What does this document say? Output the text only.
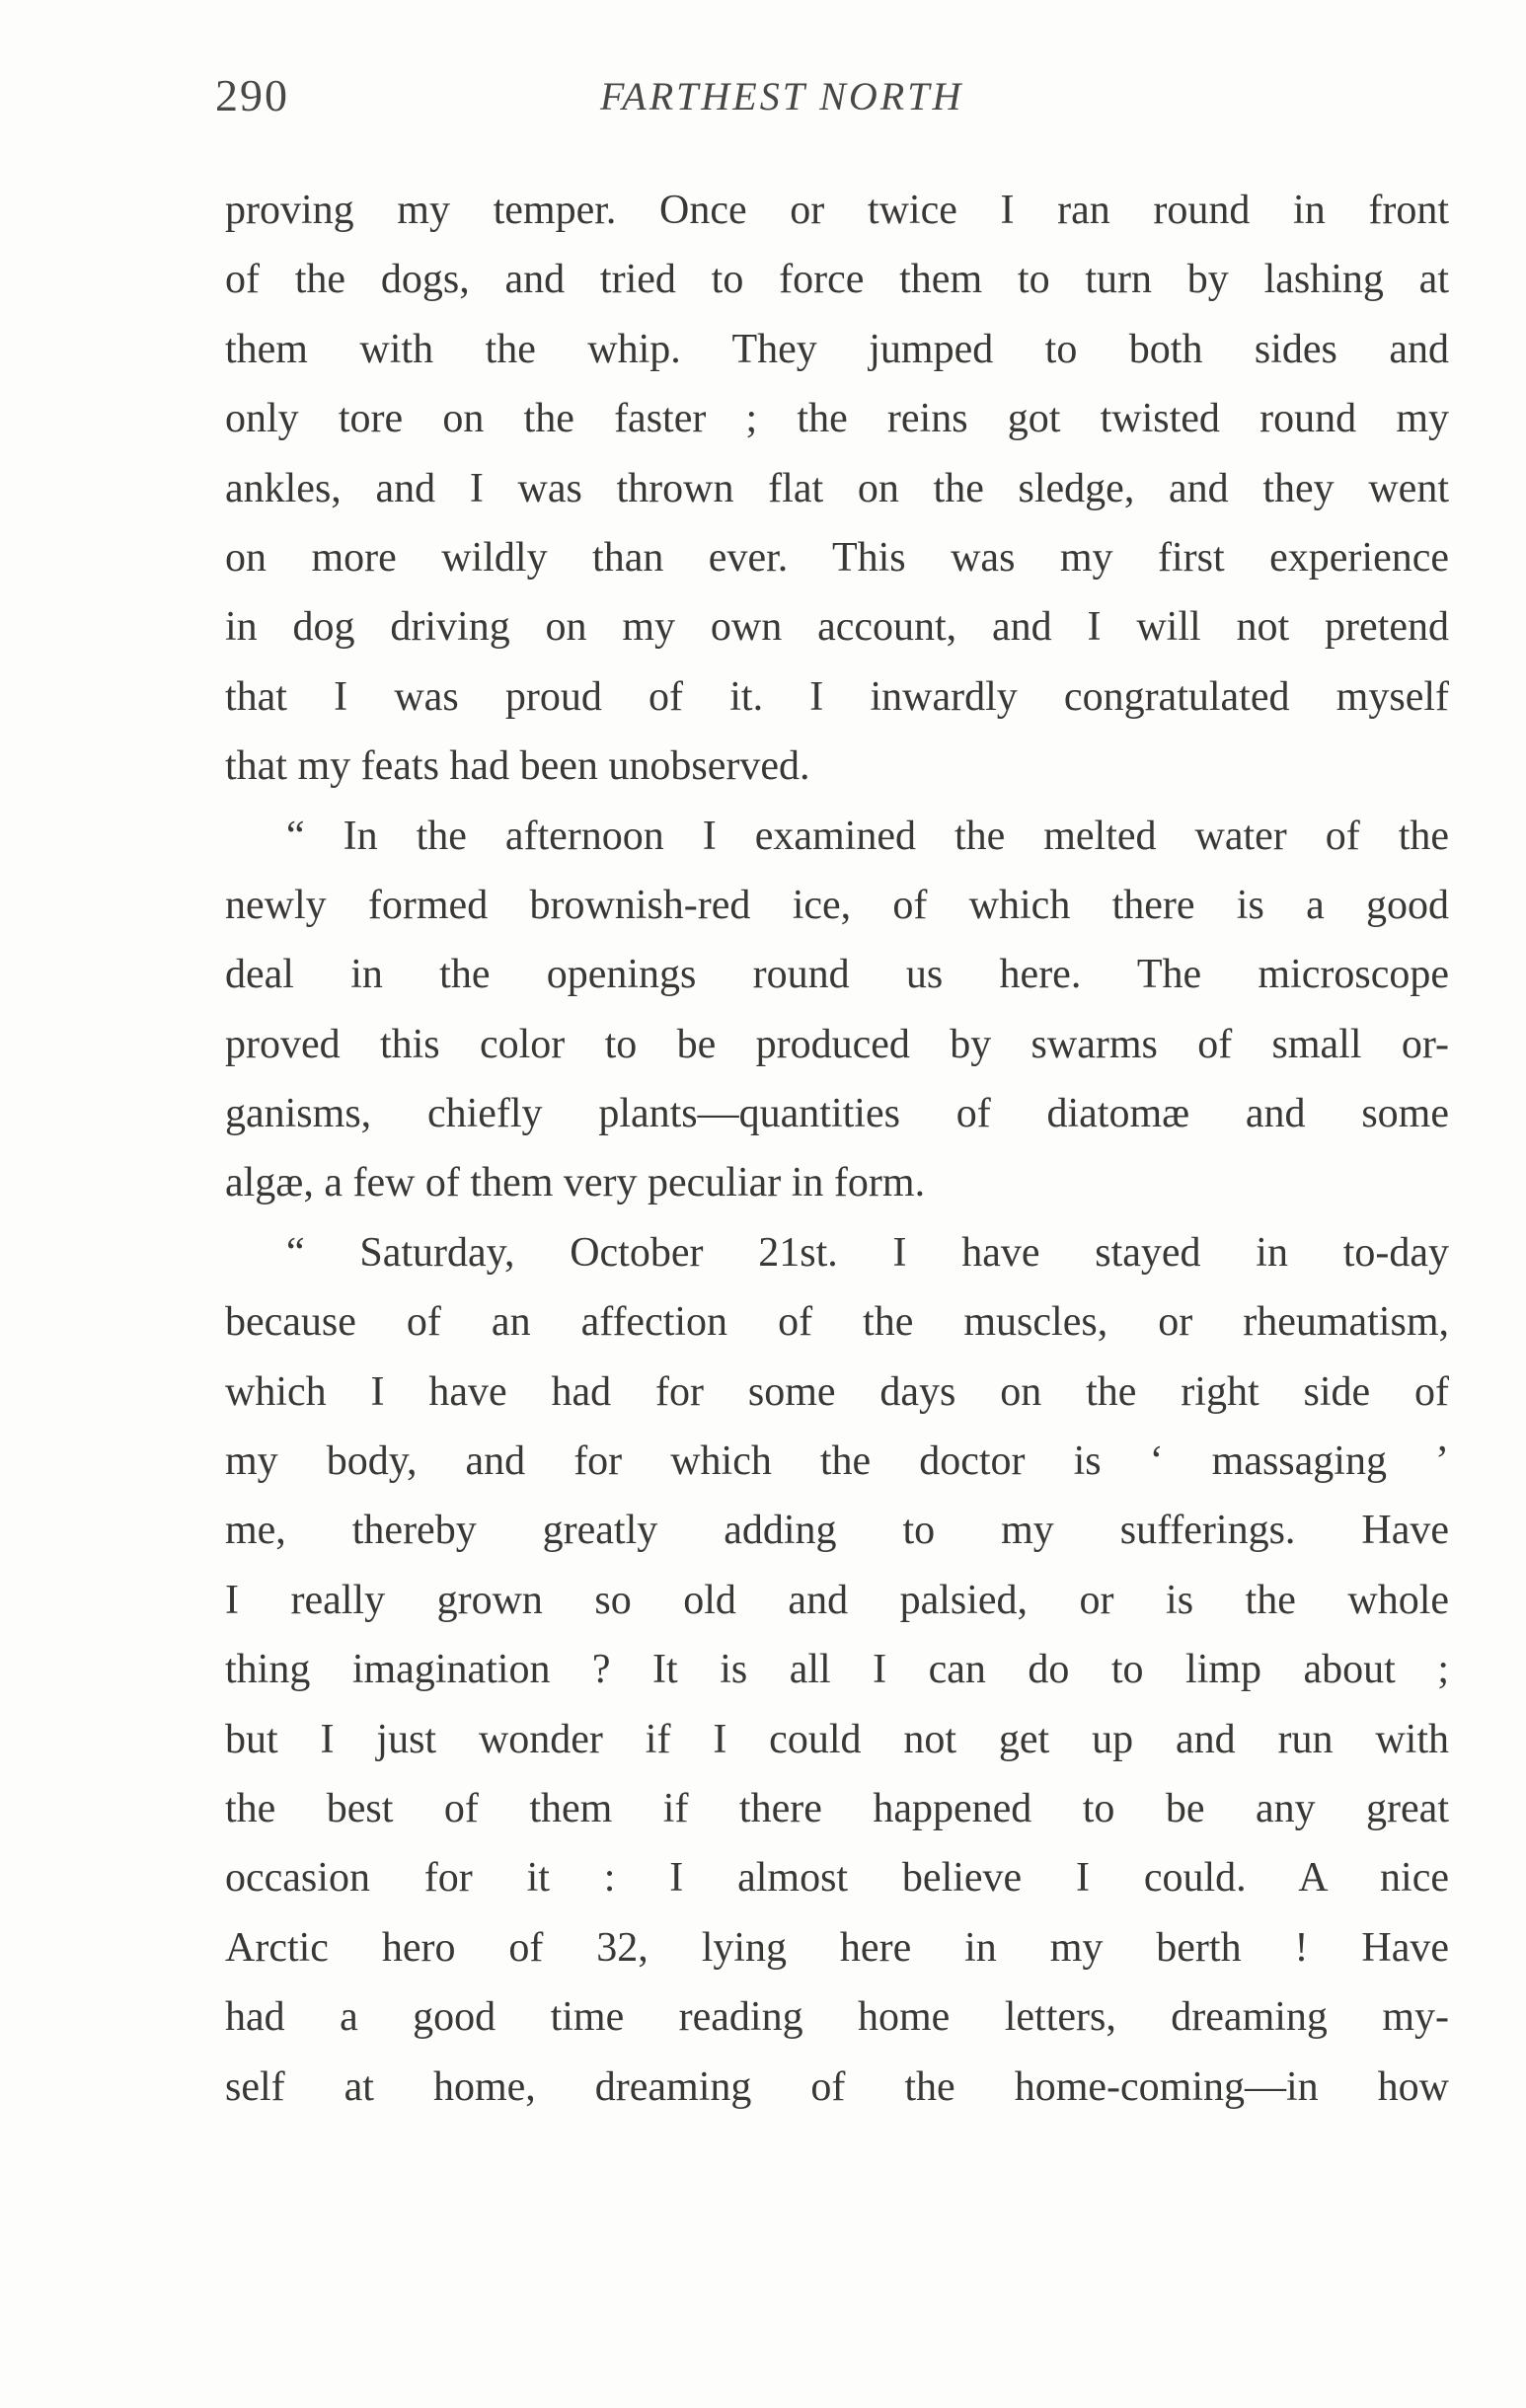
290	FARTHEST NORTH
proving my temper. Once or twice I ran round in front
of the dogs, and tried to force them to turn by lashing at
them with the whip. They jumped to both sides and
only tore on the faster ; the reins got twisted round my
ankles, and I was thrown flat on the sledge, and they went
on more wildly than ever. This was my first experience
in dog driving on my own account, and I will not pretend
that I was proud of it. I inwardly congratulated myself
that my feats had been unobserved.
“ In the afternoon I examined the melted water of the
newly formed brownish-red ice, of which there is a good
deal in the openings round us here. The microscope
proved this color to be produced by swarms of small or-
ganisms, chiefly plants—quantities of diatomæ and some
algæ, a few of them very peculiar in form.
“ Saturday, October 21st. I have stayed in to-day
because of an affection of the muscles, or rheumatism,
which I have had for some days on the right side of
my body, and for which the doctor is ‘ massaging ’
me, thereby greatly adding to my sufferings. Have
I really grown so old and palsied, or is the whole
thing imagination ? It is all I can do to limp about ;
but I just wonder if I could not get up and run with
the best of them if there happened to be any great
occasion for it : I almost believe I could. A nice
Arctic hero of 32, lying here in my berth ! Have
had a good time reading home letters, dreaming my-
self at home, dreaming of the home-coming—in how
